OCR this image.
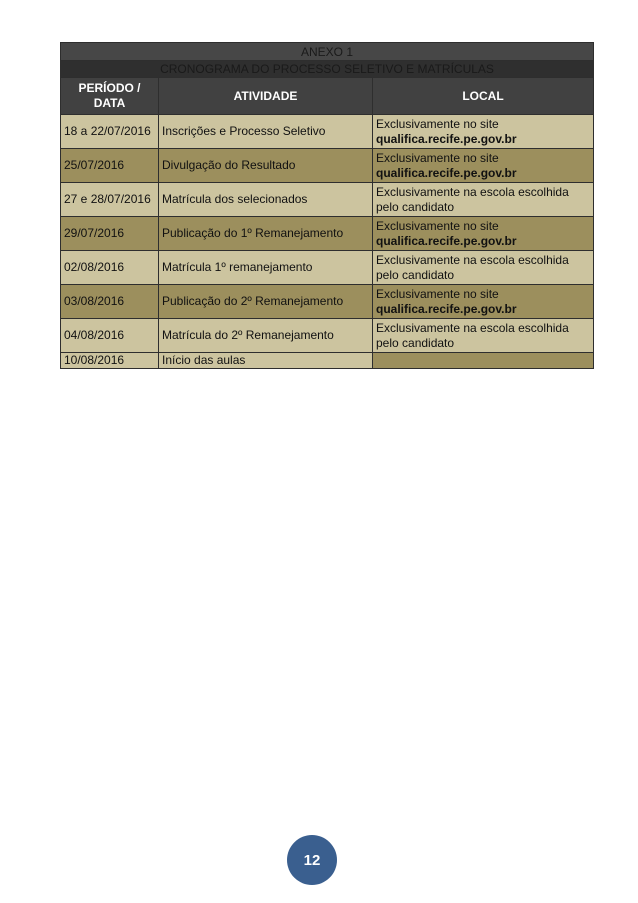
ANEXO 1		
CRONOGRAMA DO PROCESSO SELETIVO E MATRÍCULAS		
PERÍODO / DATA	ATIVIDADE	LOCAL
18 a 22/07/2016	Inscrições e Processo Seletivo	Exclusivamente no site
qualifica.recife.pe.gov.br
25/07/2016	Divulgação do Resultado	Exclusivamente no site
qualifica.recife.pe.gov.br
27 e 28/07/2016	Matrícula dos selecionados	Exclusivamente na escola escolhida
pelo candidato
29/07/2016	Publicação do 1º Remanejamento	Exclusivamente no site
qualifica.recife.pe.gov.br
02/08/2016	Matrícula 1º remanejamento	Exclusivamente na escola escolhida
pelo candidato
03/08/2016	Publicação do 2º Remanejamento	Exclusivamente no site
qualifica.recife.pe.gov.br
04/08/2016	Matrícula do 2º Remanejamento	Exclusivamente na escola escolhida
pelo candidato
10/08/2016	Início das aulas	
12
